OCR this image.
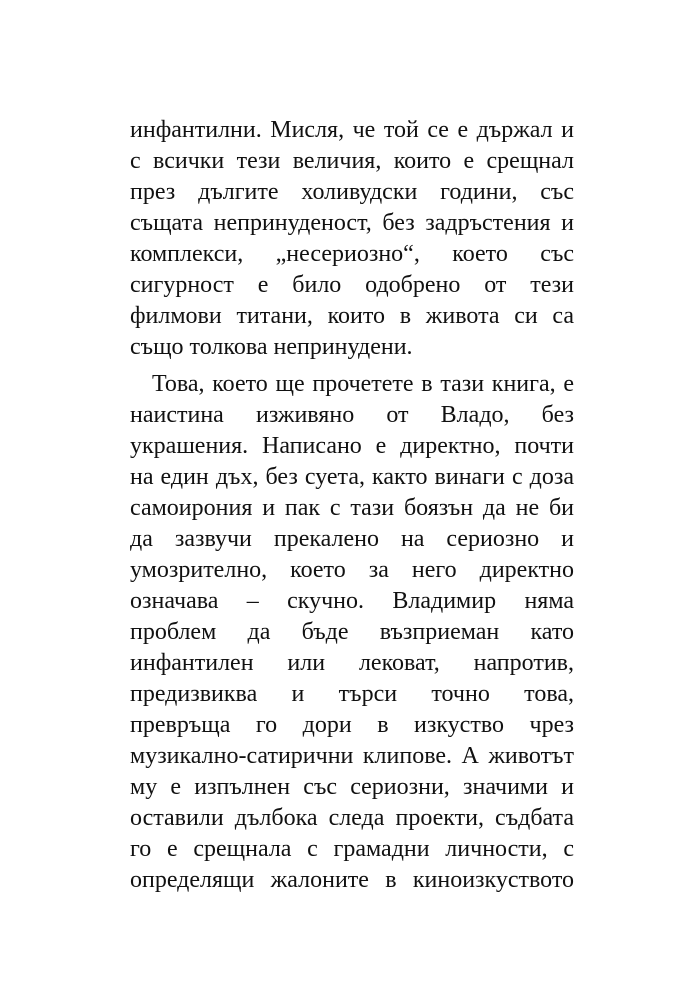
инфантилни. Мисля, че той се е държал и
с всички тези величия, които е срещнал
през дългите холивудски години, със
същата непринуденост, без задръстения и
комплекси, „несериозно“, което със
сигурност е било одобрено от тези
филмови титани, които в живота си са
също толкова непринудени.
Това, което ще прочетете в тази книга, е
наистина изживяно от Владо, без
украшения. Написано е директно, почти
на един дъх, без суета, както винаги с доза
самоирония и пак с тази боязън да не би
да зазвучи прекалено на сериозно и
умозрително, което за него директно
означава – скучно. Владимир няма
проблем да бъде възприеман като
инфантилен или лековат, напротив,
предизвиква и търси точно това,
превръща го дори в изкуство чрез
музикално-сатирични клипове. А животът
му е изпълнен със сериозни, значими и
оставили дълбока следа проекти, съдбата
го е срещнала с грамадни личности, с
определящи жалоните в киноизкуството
